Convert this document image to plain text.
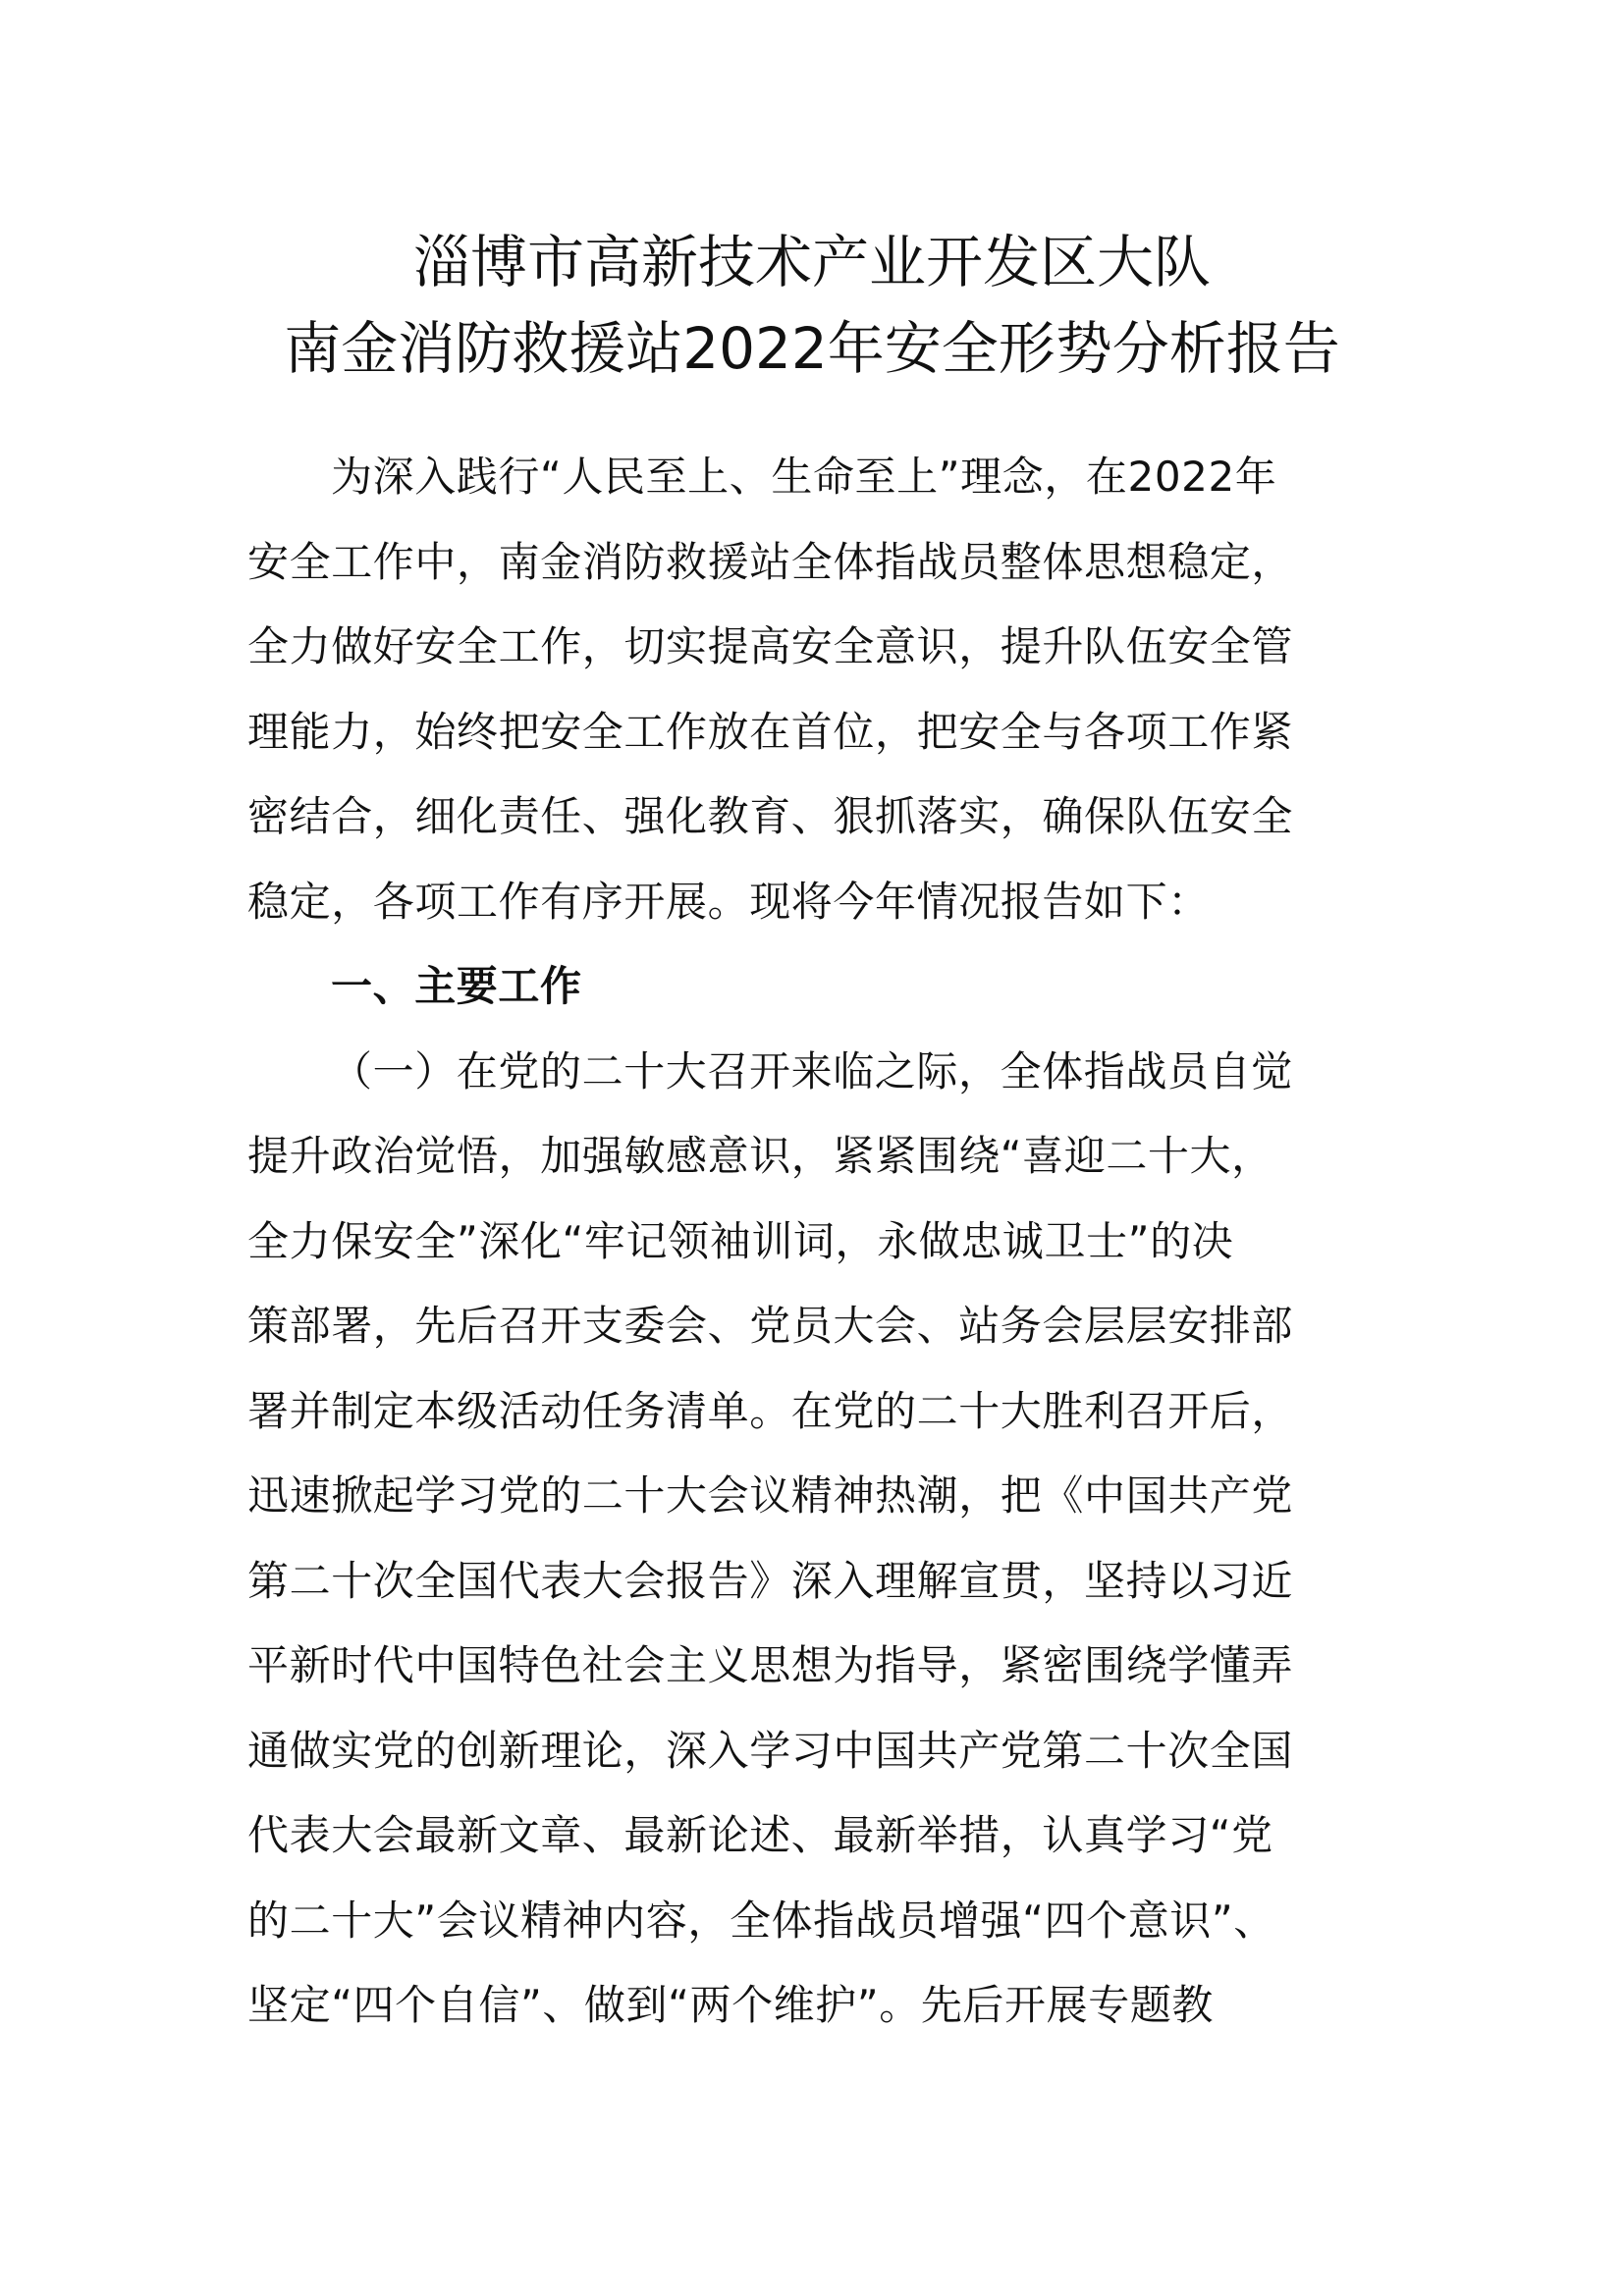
淄博市高新技术产业开发区大队
南金消防救援站2022年安全形势分析报告
为深入践行“人民至上、生命至上”理念，在2022年
安全工作中，南金消防救援站全体指战员整体思想稳定，
全力做好安全工作，切实提高安全意识，提升队伍安全管
理能力，始终把安全工作放在首位，把安全与各项工作紧
密结合，细化责任、强化教育、狠抓落实，确保队伍安全
稳定，各项工作有序开展。现将今年情况报告如下：
一、主要工作
（一）在党的二十大召开来临之际，全体指战员自觉
提升政治觉悟，加强敏感意识，紧紧围绕“喜迎二十大，
全力保安全”深化“牢记领袖训词，永做忠诚卫士”的决
策部署，先后召开支委会、党员大会、站务会层层安排部
署并制定本级活动任务清单。在党的二十大胜利召开后，
迅速掀起学习党的二十大会议精神热潮，把《中国共产党
第二十次全国代表大会报告》深入理解宣贯，坚持以习近
平新时代中国特色社会主义思想为指导，紧密围绕学懂弄
通做实党的创新理论，深入学习中国共产党第二十次全国
代表大会最新文章、最新论述、最新举措，认真学习“党
的二十大”会议精神内容，全体指战员增强“四个意识”、
坚定“四个自信”、做到“两个维护”。先后开展专题教
